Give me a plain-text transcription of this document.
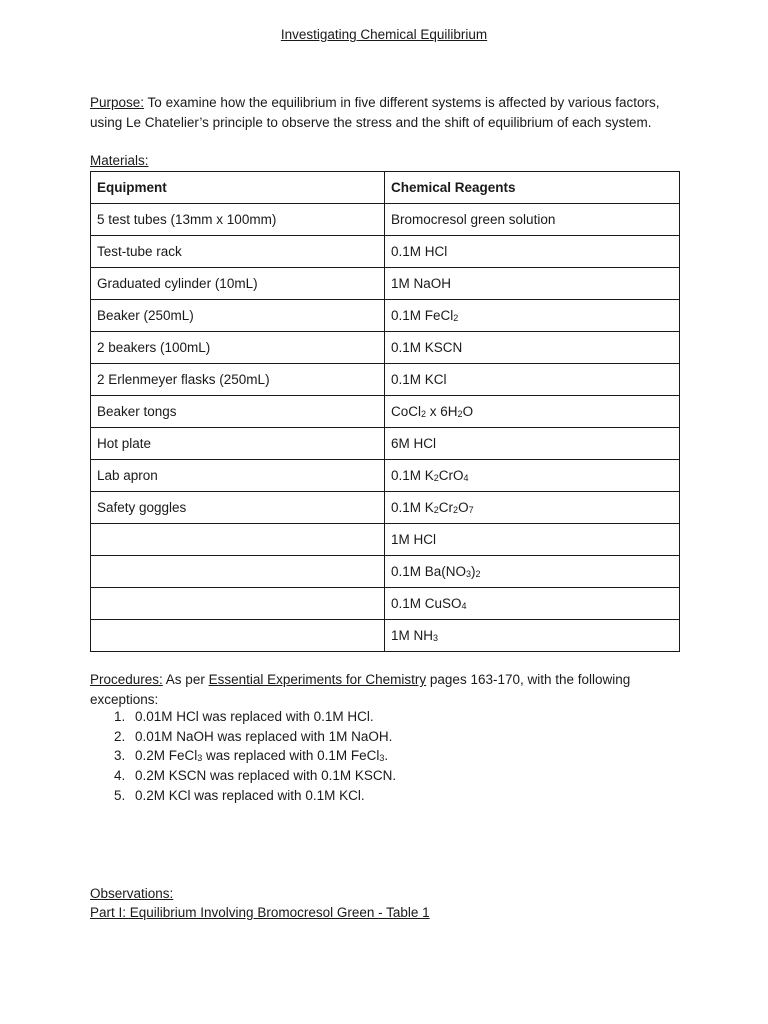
Investigating Chemical Equilibrium
Purpose: To examine how the equilibrium in five different systems is affected by various factors, using Le Chatelier’s principle to observe the stress and the shift of equilibrium of each system.
Materials:
Equipment	Chemical Reagents
5 test tubes (13mm x 100mm)	Bromocresol green solution
Test-tube rack	0.1M HCl
Graduated cylinder (10mL)	1M NaOH
Beaker (250mL)	0.1M FeCl$_2$
2 beakers (100mL)	0.1M KSCN
2 Erlenmeyer flasks (250mL)	0.1M KCl
Beaker tongs	CoCl$_2$ x $6H_2O$
Hot plate	6M HCl
Lab apron	0.1M $K_2CrO_4$
Safety goggles	0.1M $K_2Cr_2O_7$
	1M HCl
	0.1M $Ba(NO_3)_2$
	0.1M CuSO$_4$
	1M $NH_3$
Procedures: As per Essential Experiments for Chemistry pages 163-170, with the following exceptions:
1. 0.01M HCl was replaced with 0.1M HCl.
2. 0.01M NaOH was replaced with 1M NaOH.
3. 0.2M FeCl$_3$ was replaced with 0.1M FeCl$_3$.
4. 0.2M KSCN was replaced with 0.1M KSCN.
5. 0.2M KCl was replaced with 0.1M KCl.
Observations:
Part I: Equilibrium Involving Bromocresol Green - Table 1
